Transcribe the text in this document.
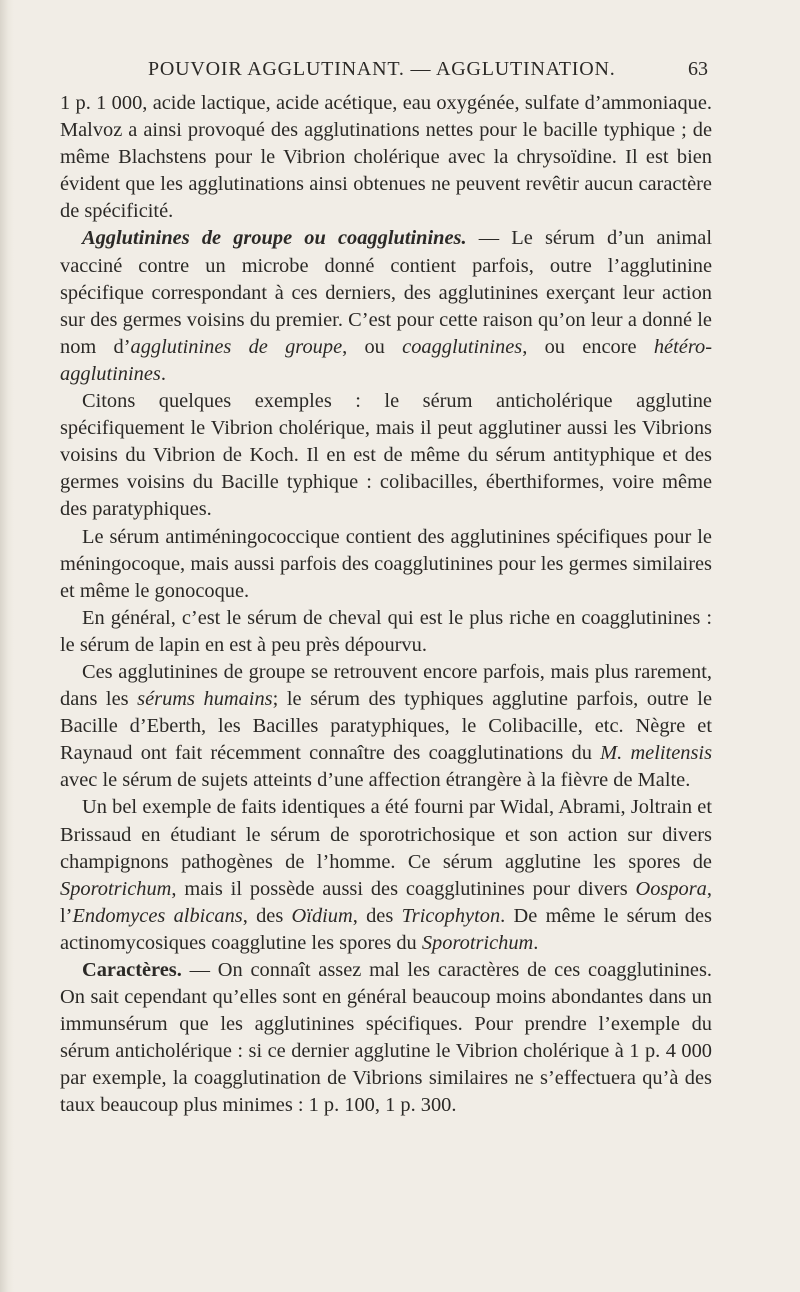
POUVOIR AGGLUTINANT. — AGGLUTINATION.	63

1 p. 1 000, acide lactique, acide acétique, eau oxygénée, sulfate d’ammoniaque. Malvoz a ainsi provoqué des agglutinations nettes pour le bacille typhique ; de même Blachstens pour le Vibrion cholérique avec la chrysoïdine. Il est bien évident que les agglutinations ainsi obtenues ne peuvent revêtir aucun caractère de spécificité.

Agglutinines de groupe ou coagglutinines. — Le sérum d’un animal vacciné contre un microbe donné contient parfois, outre l’agglutinine spécifique correspondant à ces derniers, des agglutinines exerçant leur action sur des germes voisins du premier. C’est pour cette raison qu’on leur a donné le nom d’agglutinines de groupe, ou coagglutinines, ou encore hétéro-agglutinines.

Citons quelques exemples : le sérum anticholérique agglutine spécifiquement le Vibrion cholérique, mais il peut agglutiner aussi les Vibrions voisins du Vibrion de Koch. Il en est de même du sérum antityphique et des germes voisins du Bacille typhique : colibacilles, éberthiformes, voire même des paratyphiques.

Le sérum antiméningococcique contient des agglutinines spécifiques pour le méningocoque, mais aussi parfois des coagglutinines pour les germes similaires et même le gonocoque.

En général, c’est le sérum de cheval qui est le plus riche en coagglutinines : le sérum de lapin en est à peu près dépourvu.

Ces agglutinines de groupe se retrouvent encore parfois, mais plus rarement, dans les sérums humains; le sérum des typhiques agglutine parfois, outre le Bacille d’Eberth, les Bacilles paratyphiques, le Colibacille, etc. Nègre et Raynaud ont fait récemment connaître des coagglutinations du M. melitensis avec le sérum de sujets atteints d’une affection étrangère à la fièvre de Malte.

Un bel exemple de faits identiques a été fourni par Widal, Abrami, Joltrain et Brissaud en étudiant le sérum de sporotrichosique et son action sur divers champignons pathogènes de l’homme. Ce sérum agglutine les spores de Sporotrichum, mais il possède aussi des coagglutinines pour divers Oospora, l’Endomyces albicans, des Oïdium, des Tricophyton. De même le sérum des actinomycosiques coagglutine les spores du Sporotrichum.

Caractères. — On connaît assez mal les caractères de ces coagglutinines. On sait cependant qu’elles sont en général beaucoup moins abondantes dans un immunsérum que les agglutinines spécifiques. Pour prendre l’exemple du sérum anticholérique : si ce dernier agglutine le Vibrion cholérique à 1 p. 4 000 par exemple, la coagglutination de Vibrions similaires ne s’effectuera qu’à des taux beaucoup plus minimes : 1 p. 100, 1 p. 300.
